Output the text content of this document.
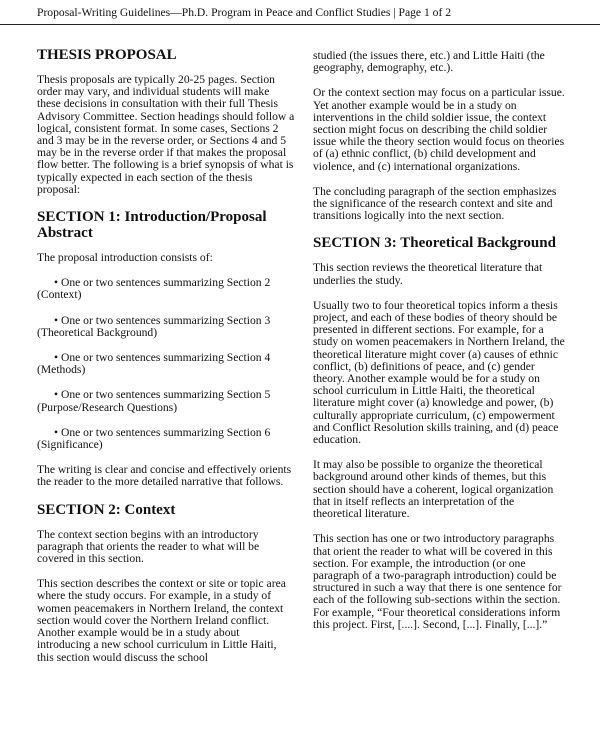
Proposal-Writing Guidelines—Ph.D. Program in Peace and Conflict Studies | Page 1 of 2
THESIS PROPOSAL

Thesis proposals are typically 20-25 pages. Section order may vary, and individual students will make these decisions in consultation with their full Thesis Advisory Committee. Section headings should follow a logical, consistent format. In some cases, Sections 2 and 3 may be in the reverse order, or Sections 4 and 5 may be in the reverse order if that makes the proposal flow better. The following is a brief synopsis of what is typically expected in each section of the thesis proposal:

SECTION 1: Introduction/Proposal Abstract

The proposal introduction consists of:

• One or two sentences summarizing Section 2 (Context)

• One or two sentences summarizing Section 3 (Theoretical Background)

• One or two sentences summarizing Section 4 (Methods)

• One or two sentences summarizing Section 5 (Purpose/Research Questions)

• One or two sentences summarizing Section 6 (Significance)

The writing is clear and concise and effectively orients the reader to the more detailed narrative that follows.

SECTION 2: Context

The context section begins with an introductory paragraph that orients the reader to what will be covered in this section.

This section describes the context or site or topic area where the study occurs. For example, in a study of women peacemakers in Northern Ireland, the context section would cover the Northern Ireland conflict. Another example would be in a study about introducing a new school curriculum in Little Haiti, this section would discuss the school

studied (the issues there, etc.) and Little Haiti (the geography, demography, etc.).

Or the context section may focus on a particular issue. Yet another example would be in a study on interventions in the child soldier issue, the context section might focus on describing the child soldier issue while the theory section would focus on theories of (a) ethnic conflict, (b) child development and violence, and (c) international organizations.

The concluding paragraph of the section emphasizes the significance of the research context and site and transitions logically into the next section.

SECTION 3: Theoretical Background

This section reviews the theoretical literature that underlies the study.

Usually two to four theoretical topics inform a thesis project, and each of these bodies of theory should be presented in different sections. For example, for a study on women peacemakers in Northern Ireland, the theoretical literature might cover (a) causes of ethnic conflict, (b) definitions of peace, and (c) gender theory. Another example would be for a study on school curriculum in Little Haiti, the theoretical literature might cover (a) knowledge and power, (b) culturally appropriate curriculum, (c) empowerment and Conflict Resolution skills training, and (d) peace education.

It may also be possible to organize the theoretical background around other kinds of themes, but this section should have a coherent, logical organization that in itself reflects an interpretation of the theoretical literature.

This section has one or two introductory paragraphs that orient the reader to what will be covered in this section. For example, the introduction (or one paragraph of a two-paragraph introduction) could be structured in such a way that there is one sentence for each of the following sub-sections within the section. For example, “Four theoretical considerations inform this project. First, [....]. Second, [...]. Finally, [...].”
